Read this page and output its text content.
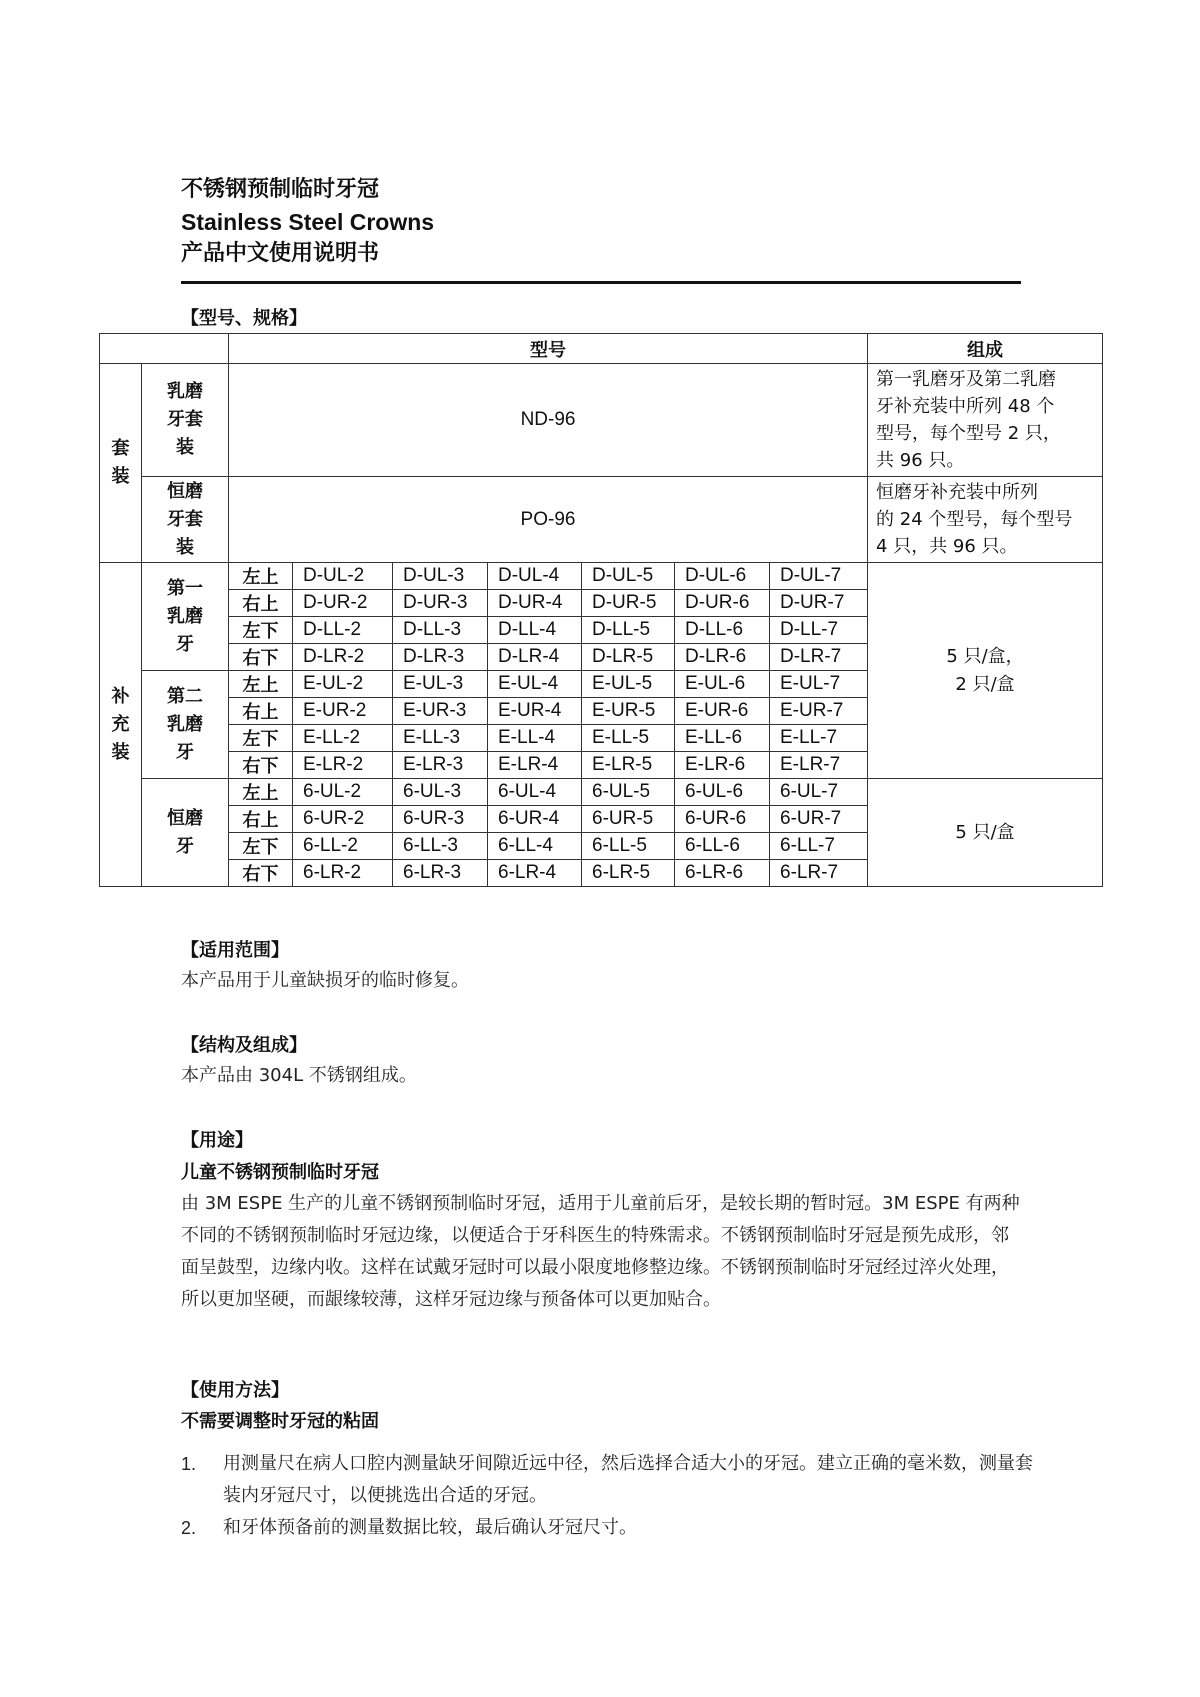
不锈钢预制临时牙冠
Stainless Steel Crowns
产品中文使用说明书
【型号、规格】
		型号							组成

套
装	乳磨
牙套
装	ND-96							第一乳磨牙及第二乳磨
牙补充装中所列 48 个
型号，每个型号 2 只，
共 96 只。

	恒磨
牙套
装	PO-96							恒磨牙补充装中所列
的 24 个型号，每个型号
4 只，共 96 只。

补
充
装	第一
乳磨
牙	左上	D-UL-2	D-UL-3	D-UL-4	D-UL-5	D-UL-6	D-UL-7	5 只/盒，
2 只/盒

		右上	D-UR-2	D-UR-3	D-UR-4	D-UR-5	D-UR-6	D-UR-7	
		左下	D-LL-2	D-LL-3	D-LL-4	D-LL-5	D-LL-6	D-LL-7	
		右下	D-LR-2	D-LR-3	D-LR-4	D-LR-5	D-LR-6	D-LR-7	

	第二
乳磨
牙	左上	E-UL-2	E-UL-3	E-UL-4	E-UL-5	E-UL-6	E-UL-7	
		右上	E-UR-2	E-UR-3	E-UR-4	E-UR-5	E-UR-6	E-UR-7	
		左下	E-LL-2	E-LL-3	E-LL-4	E-LL-5	E-LL-6	E-LL-7	
		右下	E-LR-2	E-LR-3	E-LR-4	E-LR-5	E-LR-6	E-LR-7	

	恒磨
牙	左上	6-UL-2	6-UL-3	6-UL-4	6-UL-5	6-UL-6	6-UL-7	5 只/盒
		右上	6-UR-2	6-UR-3	6-UR-4	6-UR-5	6-UR-6	6-UR-7	
		左下	6-LL-2	6-LL-3	6-LL-4	6-LL-5	6-LL-6	6-LL-7	
		右下	6-LR-2	6-LR-3	6-LR-4	6-LR-5	6-LR-6	6-LR-7	
【适用范围】
本产品用于儿童缺损牙的临时修复。
【结构及组成】
本产品由 304L 不锈钢组成。
【用途】
儿童不锈钢预制临时牙冠
由 3M ESPE 生产的儿童不锈钢预制临时牙冠，适用于儿童前后牙，是较长期的暂时冠。3M ESPE 有两种不同的不锈钢预制临时牙冠边缘，以便适合于牙科医生的特殊需求。不锈钢预制临时牙冠是预先成形，邻面呈鼓型，边缘内收。这样在试戴牙冠时可以最小限度地修整边缘。不锈钢预制临时牙冠经过淬火处理，所以更加坚硬，而龈缘较薄，这样牙冠边缘与预备体可以更加贴合。
【使用方法】
不需要调整时牙冠的粘固
1. 用测量尺在病人口腔内测量缺牙间隙近远中径，然后选择合适大小的牙冠。建立正确的毫米数，测量套装内牙冠尺寸，以便挑选出合适的牙冠。
2. 和牙体预备前的测量数据比较，最后确认牙冠尺寸。
